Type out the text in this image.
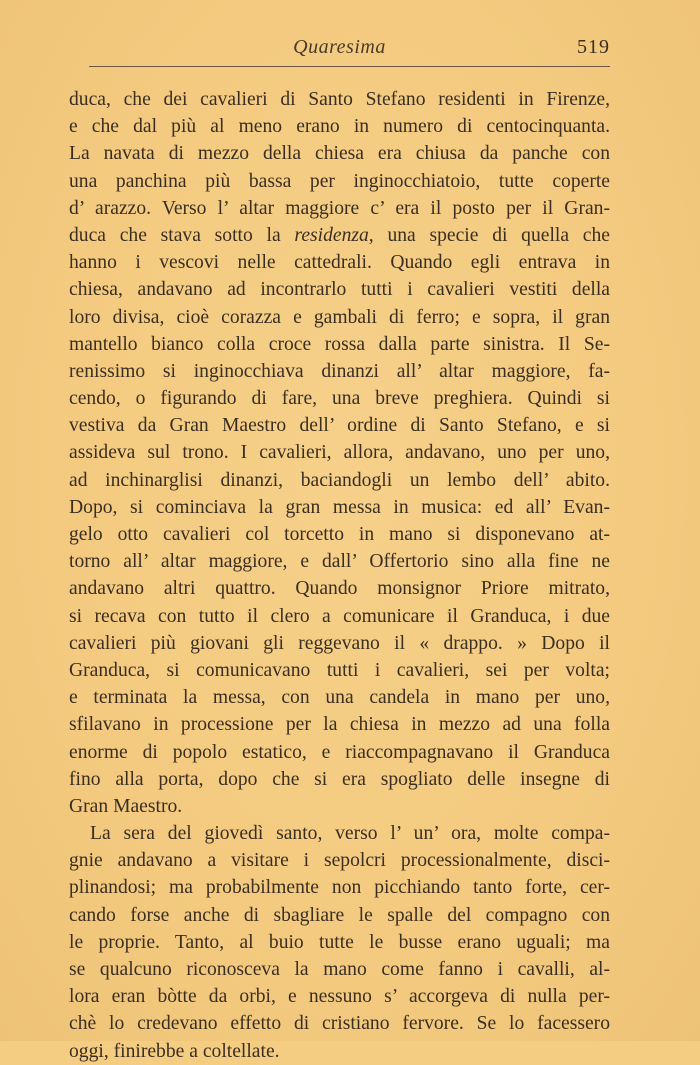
Quaresima	519
duca, che dei cavalieri di Santo Stefano residenti in Firenze,
e che dal più al meno erano in numero di centocinquanta.
La navata di mezzo della chiesa era chiusa da panche con
una panchina più bassa per inginocchiatoio, tutte coperte
d’ arazzo. Verso l’ altar maggiore c’ era il posto per il Gran-
duca che stava sotto la residenza, una specie di quella che
hanno i vescovi nelle cattedrali. Quando egli entrava in
chiesa, andavano ad incontrarlo tutti i cavalieri vestiti della
loro divisa, cioè corazza e gambali di ferro; e sopra, il gran
mantello bianco colla croce rossa dalla parte sinistra. Il Se-
renissimo si inginocchiava dinanzi all’ altar maggiore, fa-
cendo, o figurando di fare, una breve preghiera. Quindi si
vestiva da Gran Maestro dell’ ordine di Santo Stefano, e si
assideva sul trono. I cavalieri, allora, andavano, uno per uno,
ad inchinarglisi dinanzi, baciandogli un lembo dell’ abito.
Dopo, si cominciava la gran messa in musica: ed all’ Evan-
gelo otto cavalieri col torcetto in mano si disponevano at-
torno all’ altar maggiore, e dall’ Offertorio sino alla fine ne
andavano altri quattro. Quando monsignor Priore mitrato,
si recava con tutto il clero a comunicare il Granduca, i due
cavalieri più giovani gli reggevano il « drappo. » Dopo il
Granduca, si comunicavano tutti i cavalieri, sei per volta;
e terminata la messa, con una candela in mano per uno,
sfilavano in processione per la chiesa in mezzo ad una folla
enorme di popolo estatico, e riaccompagnavano il Granduca
fino alla porta, dopo che si era spogliato delle insegne di
Gran Maestro.
La sera del giovedì santo, verso l’ un’ ora, molte compa-
gnie andavano a visitare i sepolcri processionalmente, disci-
plinandosi; ma probabilmente non picchiando tanto forte, cer-
cando forse anche di sbagliare le spalle del compagno con
le proprie. Tanto, al buio tutte le busse erano uguali; ma
se qualcuno riconosceva la mano come fanno i cavalli, al-
lora eran bòtte da orbi, e nessuno s’ accorgeva di nulla per-
chè lo credevano effetto di cristiano fervore. Se lo facessero
oggi, finirebbe a coltellate.
